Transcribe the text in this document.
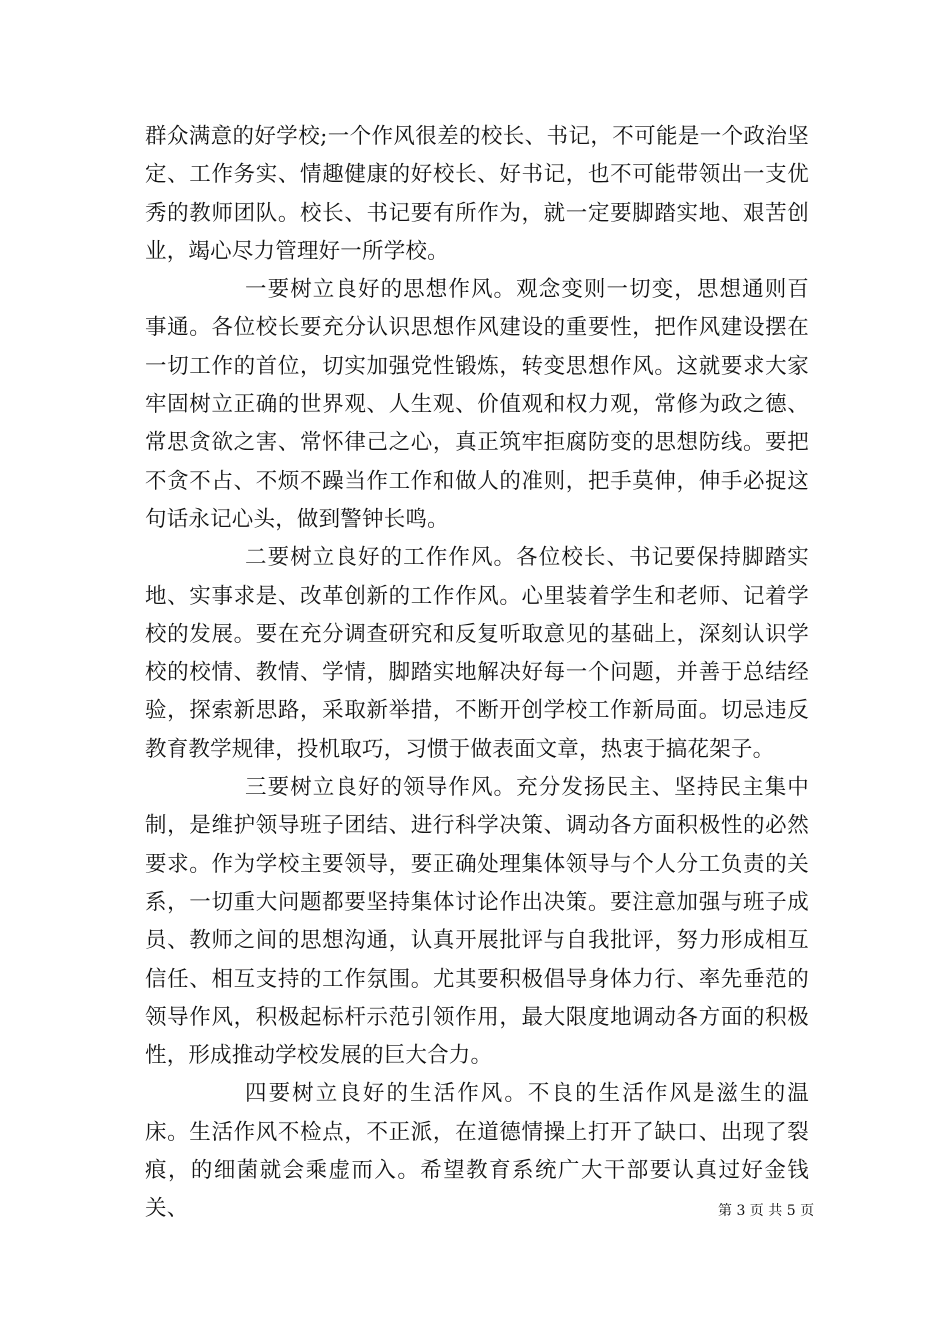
群众满意的好学校;一个作风很差的校长、书记，不可能是一个政治坚定、工作务实、情趣健康的好校长、好书记，也不可能带领出一支优秀的教师团队。校长、书记要有所作为，就一定要脚踏实地、艰苦创业，竭心尽力管理好一所学校。

一要树立良好的思想作风。观念变则一切变，思想通则百事通。各位校长要充分认识思想作风建设的重要性，把作风建设摆在一切工作的首位，切实加强党性锻炼，转变思想作风。这就要求大家牢固树立正确的世界观、人生观、价值观和权力观，常修为政之德、常思贪欲之害、常怀律己之心，真正筑牢拒腐防变的思想防线。要把不贪不占、不烦不躁当作工作和做人的准则，把手莫伸，伸手必捉这句话永记心头，做到警钟长鸣。

二要树立良好的工作作风。各位校长、书记要保持脚踏实地、实事求是、改革创新的工作作风。心里装着学生和老师、记着学校的发展。要在充分调查研究和反复听取意见的基础上，深刻认识学校的校情、教情、学情，脚踏实地解决好每一个问题，并善于总结经验，探索新思路，采取新举措，不断开创学校工作新局面。切忌违反教育教学规律，投机取巧，习惯于做表面文章，热衷于搞花架子。

三要树立良好的领导作风。充分发扬民主、坚持民主集中制，是维护领导班子团结、进行科学决策、调动各方面积极性的必然要求。作为学校主要领导，要正确处理集体领导与个人分工负责的关系，一切重大问题都要坚持集体讨论作出决策。要注意加强与班子成员、教师之间的思想沟通，认真开展批评与自我批评，努力形成相互信任、相互支持的工作氛围。尤其要积极倡导身体力行、率先垂范的领导作风，积极起标杆示范引领作用，最大限度地调动各方面的积极性，形成推动学校发展的巨大合力。

四要树立良好的生活作风。不良的生活作风是滋生的温床。生活作风不检点，不正派，在道德情操上打开了缺口、出现了裂痕，的细菌就会乘虚而入。希望教育系统广大干部要认真过好金钱关、	第 3 页 共 5 页
